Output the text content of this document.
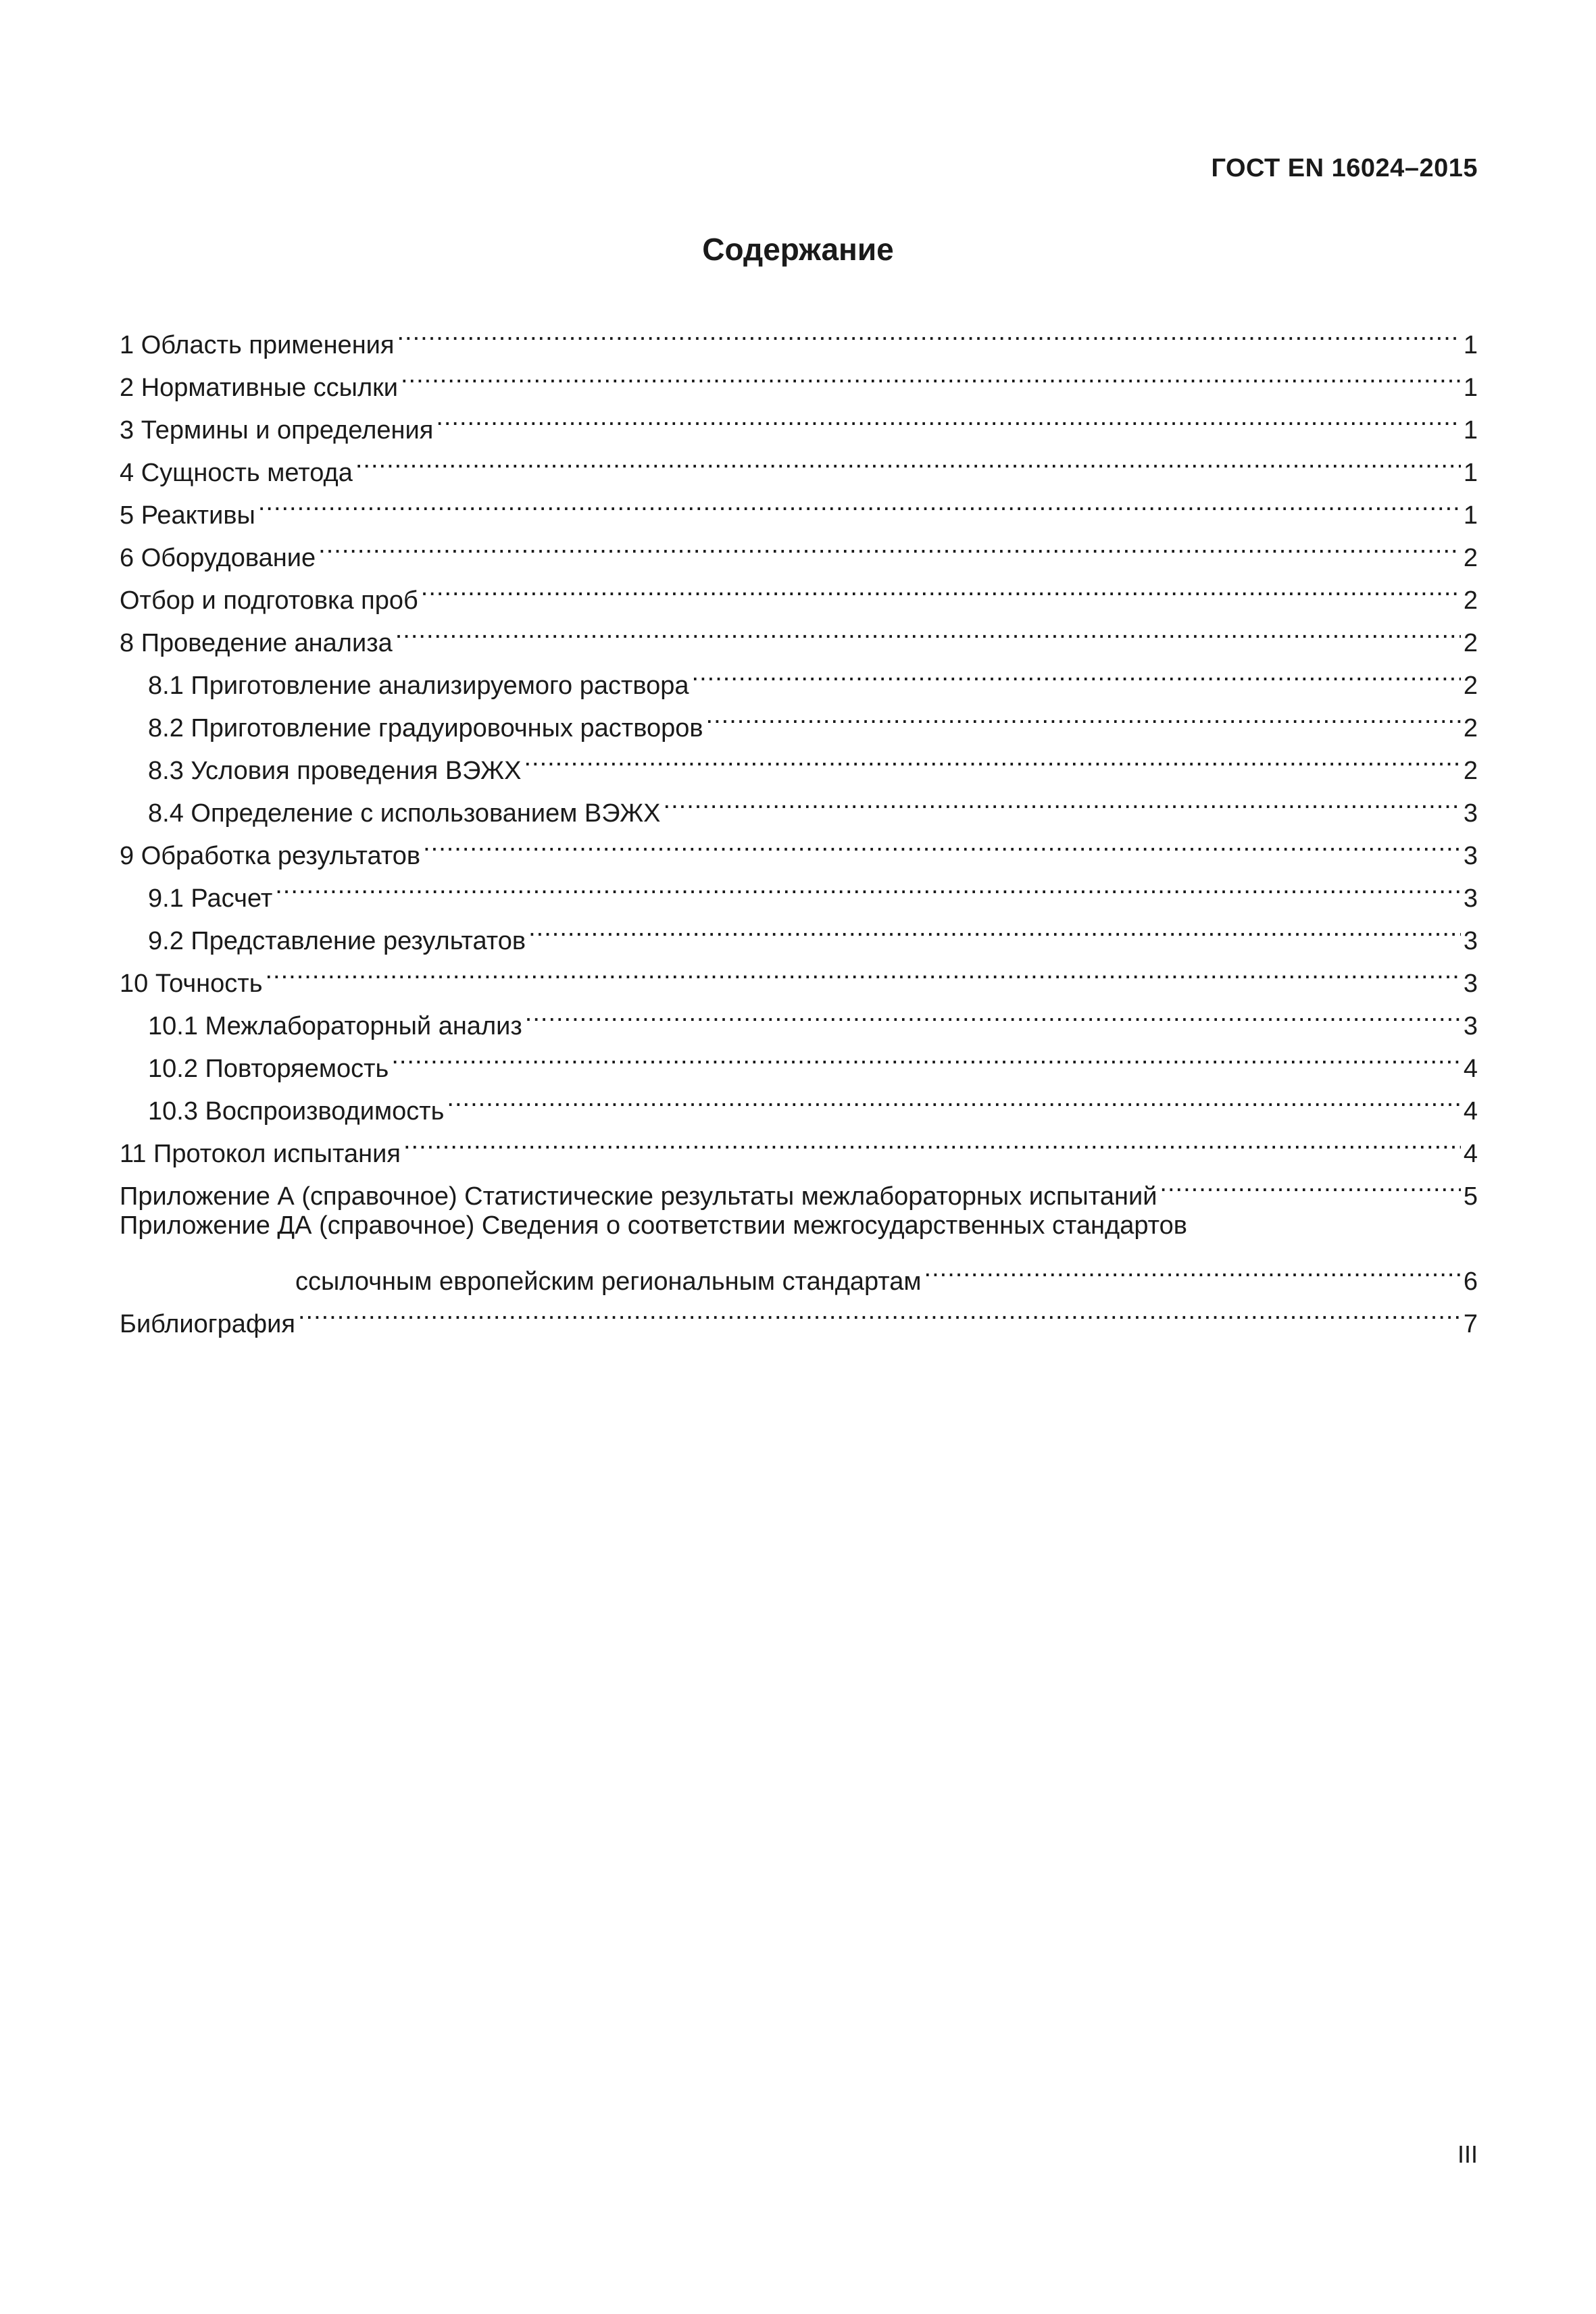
ГОСТ EN 16024–2015
Содержание
1 Область применения .....	1
2 Нормативные ссылки .....	1
3 Термины и определения .....	1
4 Сущность метода .....	1
5 Реактивы .....	1
6 Оборудование .....	2
Отбор и подготовка проб .....	2
8 Проведение анализа .....	2
8.1 Приготовление анализируемого раствора .....	2
8.2 Приготовление градуировочных растворов .....	2
8.3 Условия проведения ВЭЖХ .....	2
8.4 Определение с использованием ВЭЖХ .....	3
9 Обработка результатов .....	3
9.1 Расчет .....	3
9.2 Представление результатов .....	3
10 Точность .....	3
10.1 Межлабораторный анализ .....	3
10.2 Повторяемость .....	4
10.3 Воспроизводимость .....	4
11 Протокол испытания .....	4
Приложение А (справочное) Статистические результаты межлабораторных испытаний .....	5
Приложение ДА (справочное) Сведения о соответствии межгосударственных стандартов
ссылочным европейским региональным стандартам .....	6
Библиография .....	7
III
